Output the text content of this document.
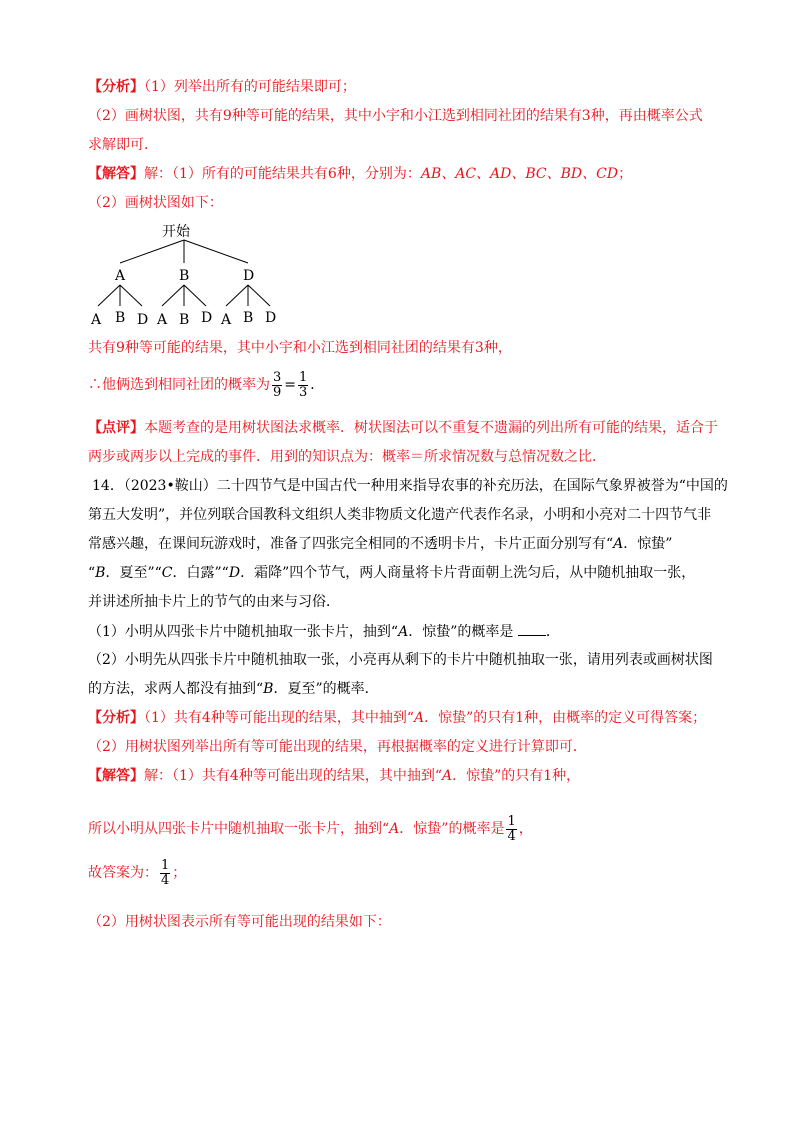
【分析】（1）列举出所有的可能结果即可；
（2）画树状图，共有9种等可能的结果，其中小宇和小江选到相同社团的结果有3种，再由概率公式
求解即可．
【解答】解：（1）所有的可能结果共有6种，分别为：AB、AC、AD、BC、BD、CD；
（2）画树状图如下：
开始
A	B	D
A B D A B D A B D
共有9种等可能的结果，其中小宇和小江选到相同社团的结果有3种，
∴他俩选到相同社团的概率为 $\frac{3}{9} = \frac{1}{3}$ ．
【点评】本题考查的是用树状图法求概率．树状图法可以不重复不遗漏的列出所有可能的结果，适合于
两步或两步以上完成的事件．用到的知识点为：概率＝所求情况数与总情况数之比．
14．（2023•鞍山）二十四节气是中国古代一种用来指导农事的补充历法，在国际气象界被誉为“中国的
第五大发明”，并位列联合国教科文组织人类非物质文化遗产代表作名录，小明和小亮对二十四节气非
常感兴趣，在课间玩游戏时，准备了四张完全相同的不透明卡片，卡片正面分别写有“A．惊蛰”
“B．夏至”“C．白露”“D．霜降”四个节气，两人商量将卡片背面朝上洗匀后，从中随机抽取一张，
并讲述所抽卡片上的节气的由来与习俗．
（1）小明从四张卡片中随机抽取一张卡片，抽到“A．惊蛰”的概率是 ．
（2）小明先从四张卡片中随机抽取一张，小亮再从剩下的卡片中随机抽取一张，请用列表或画树状图
的方法，求两人都没有抽到“B．夏至”的概率．
【分析】（1）共有4种等可能出现的结果，其中抽到“A．惊蛰”的只有1种，由概率的定义可得答案；
（2）用树状图列举出所有等可能出现的结果，再根据概率的定义进行计算即可．
【解答】解：（1）共有4种等可能出现的结果，其中抽到“A．惊蛰”的只有1种，
所以小明从四张卡片中随机抽取一张卡片，抽到“A．惊蛰”的概率是 $\frac{1}{4}$ ，
故答案为： $\frac{1}{4}$ ；
（2）用树状图表示所有等可能出现的结果如下：
